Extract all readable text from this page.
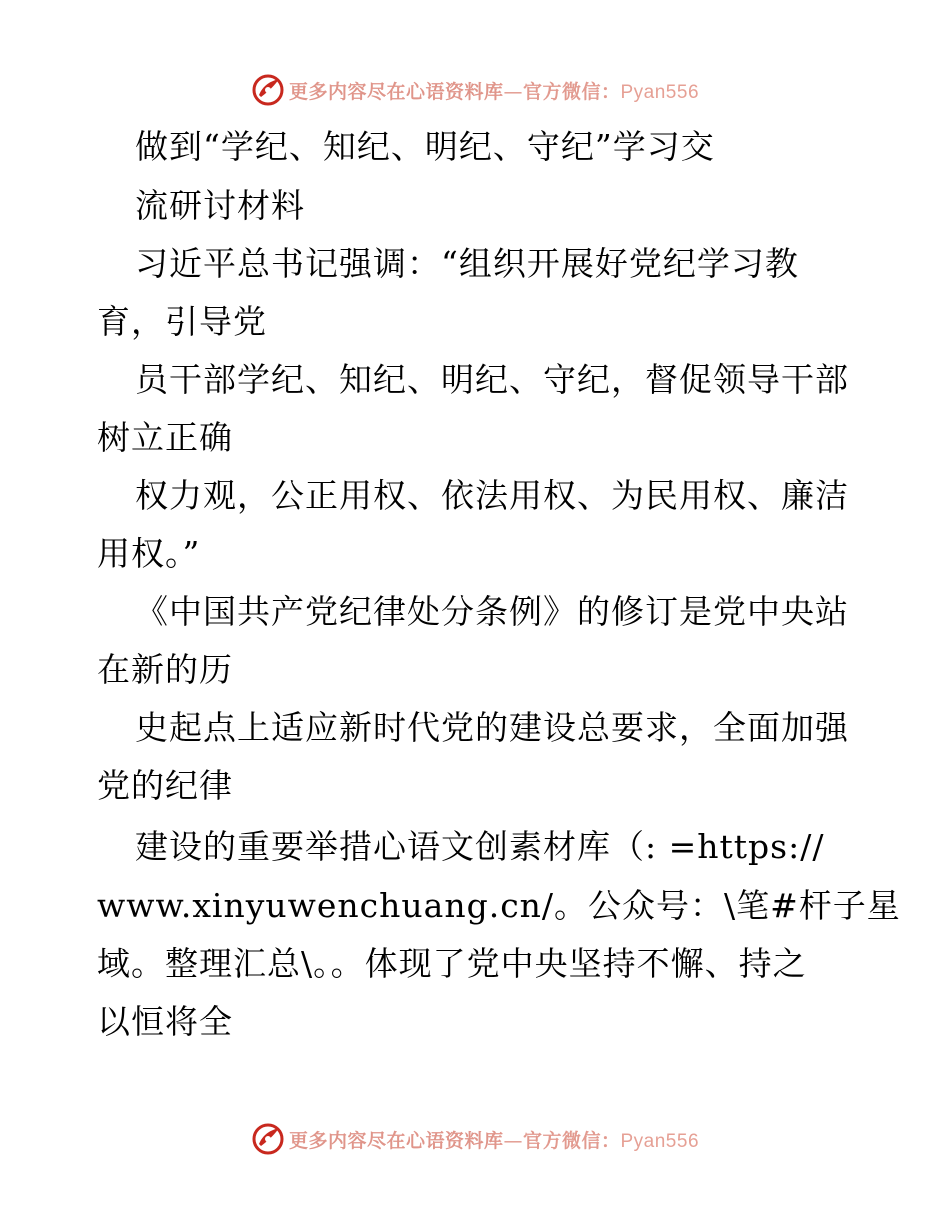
更多内容尽在心语资料库—官方微信：Pyan556
做到“学纪、知纪、明纪、守纪”学习交
流研讨材料
习近平总书记强调：“组织开展好党纪学习教
育，引导党
员干部学纪、知纪、明纪、守纪，督促领导干部
树立正确
权力观，公正用权、依法用权、为民用权、廉洁
用权。”
《中国共产党纪律处分条例》的修订是党中央站
在新的历
史起点上适应新时代党的建设总要求，全面加强
党的纪律
建设的重要举措心语文创素材库（: =https://
www.xinyuwenchuang.cn/。公众号：\笔#杆子星
域。整理汇总\。。体现了党中央坚持不懈、持之
以恒将全
更多内容尽在心语资料库—官方微信：Pyan556
